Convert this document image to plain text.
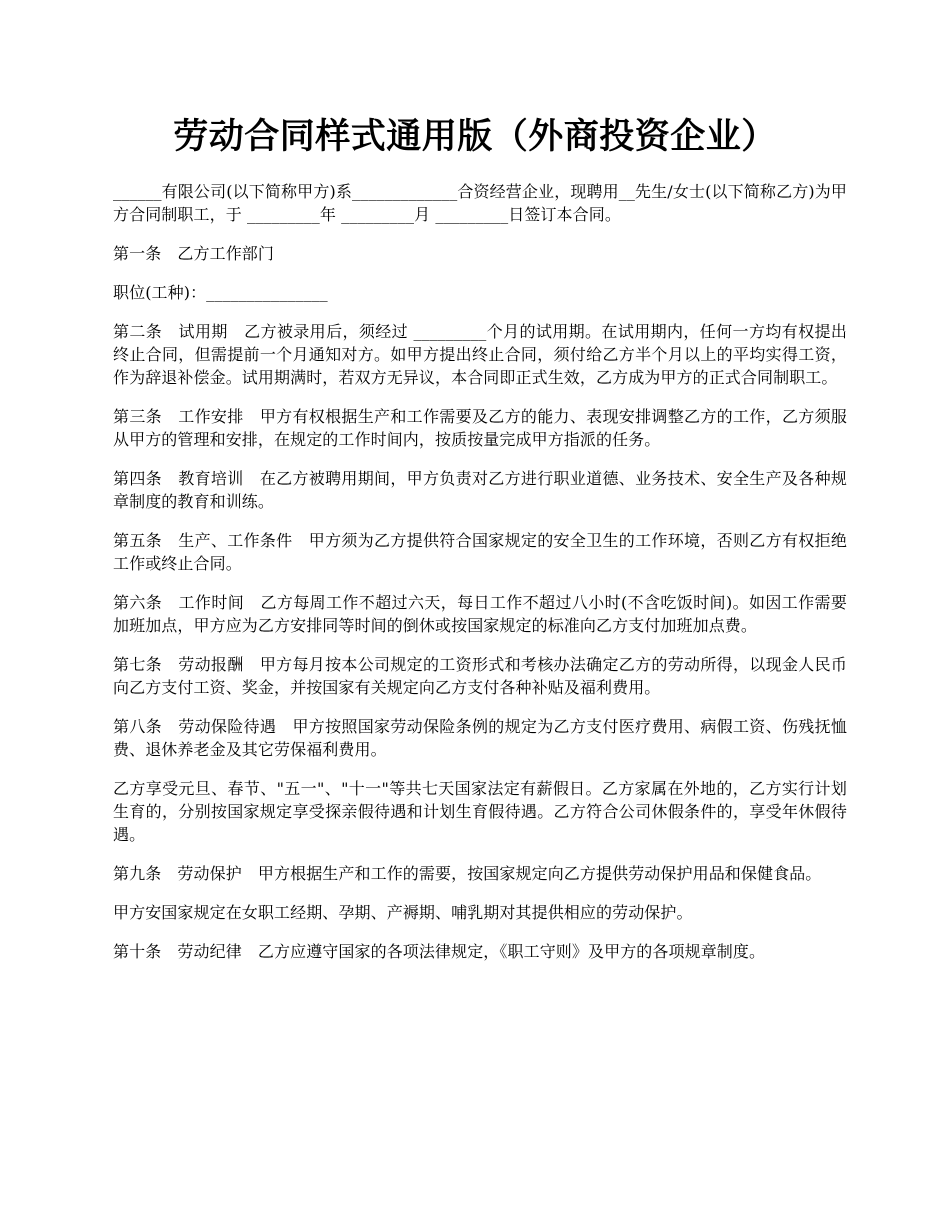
劳动合同样式通用版（外商投资企业）

______有限公司(以下简称甲方)系_____________合资经营企业，现聘用__先生/女士(以下简称乙方)为甲方合同制职工，于 _________年 _________月 _________日签订本合同。

第一条　乙方工作部门

职位(工种)：_______________

第二条　试用期　乙方被录用后，须经过 _________个月的试用期。在试用期内，任何一方均有权提出终止合同，但需提前一个月通知对方。如甲方提出终止合同，须付给乙方半个月以上的平均实得工资，作为辞退补偿金。试用期满时，若双方无异议，本合同即正式生效，乙方成为甲方的正式合同制职工。

第三条　工作安排　甲方有权根据生产和工作需要及乙方的能力、表现安排调整乙方的工作，乙方须服从甲方的管理和安排，在规定的工作时间内，按质按量完成甲方指派的任务。

第四条　教育培训　在乙方被聘用期间，甲方负责对乙方进行职业道德、业务技术、安全生产及各种规章制度的教育和训练。

第五条　生产、工作条件　甲方须为乙方提供符合国家规定的安全卫生的工作环境，否则乙方有权拒绝工作或终止合同。

第六条　工作时间　乙方每周工作不超过六天，每日工作不超过八小时(不含吃饭时间)。如因工作需要加班加点，甲方应为乙方安排同等时间的倒休或按国家规定的标准向乙方支付加班加点费。

第七条　劳动报酬　甲方每月按本公司规定的工资形式和考核办法确定乙方的劳动所得，以现金人民币向乙方支付工资、奖金，并按国家有关规定向乙方支付各种补贴及福利费用。

第八条　劳动保险待遇　甲方按照国家劳动保险条例的规定为乙方支付医疗费用、病假工资、伤残抚恤费、退休养老金及其它劳保福利费用。

乙方享受元旦、春节、"五一"、"十一"等共七天国家法定有薪假日。乙方家属在外地的，乙方实行计划生育的，分别按国家规定享受探亲假待遇和计划生育假待遇。乙方符合公司休假条件的，享受年休假待遇。

第九条　劳动保护　甲方根据生产和工作的需要，按国家规定向乙方提供劳动保护用品和保健食品。

甲方安国家规定在女职工经期、孕期、产褥期、哺乳期对其提供相应的劳动保护。

第十条　劳动纪律　乙方应遵守国家的各项法律规定，《职工守则》及甲方的各项规章制度。
